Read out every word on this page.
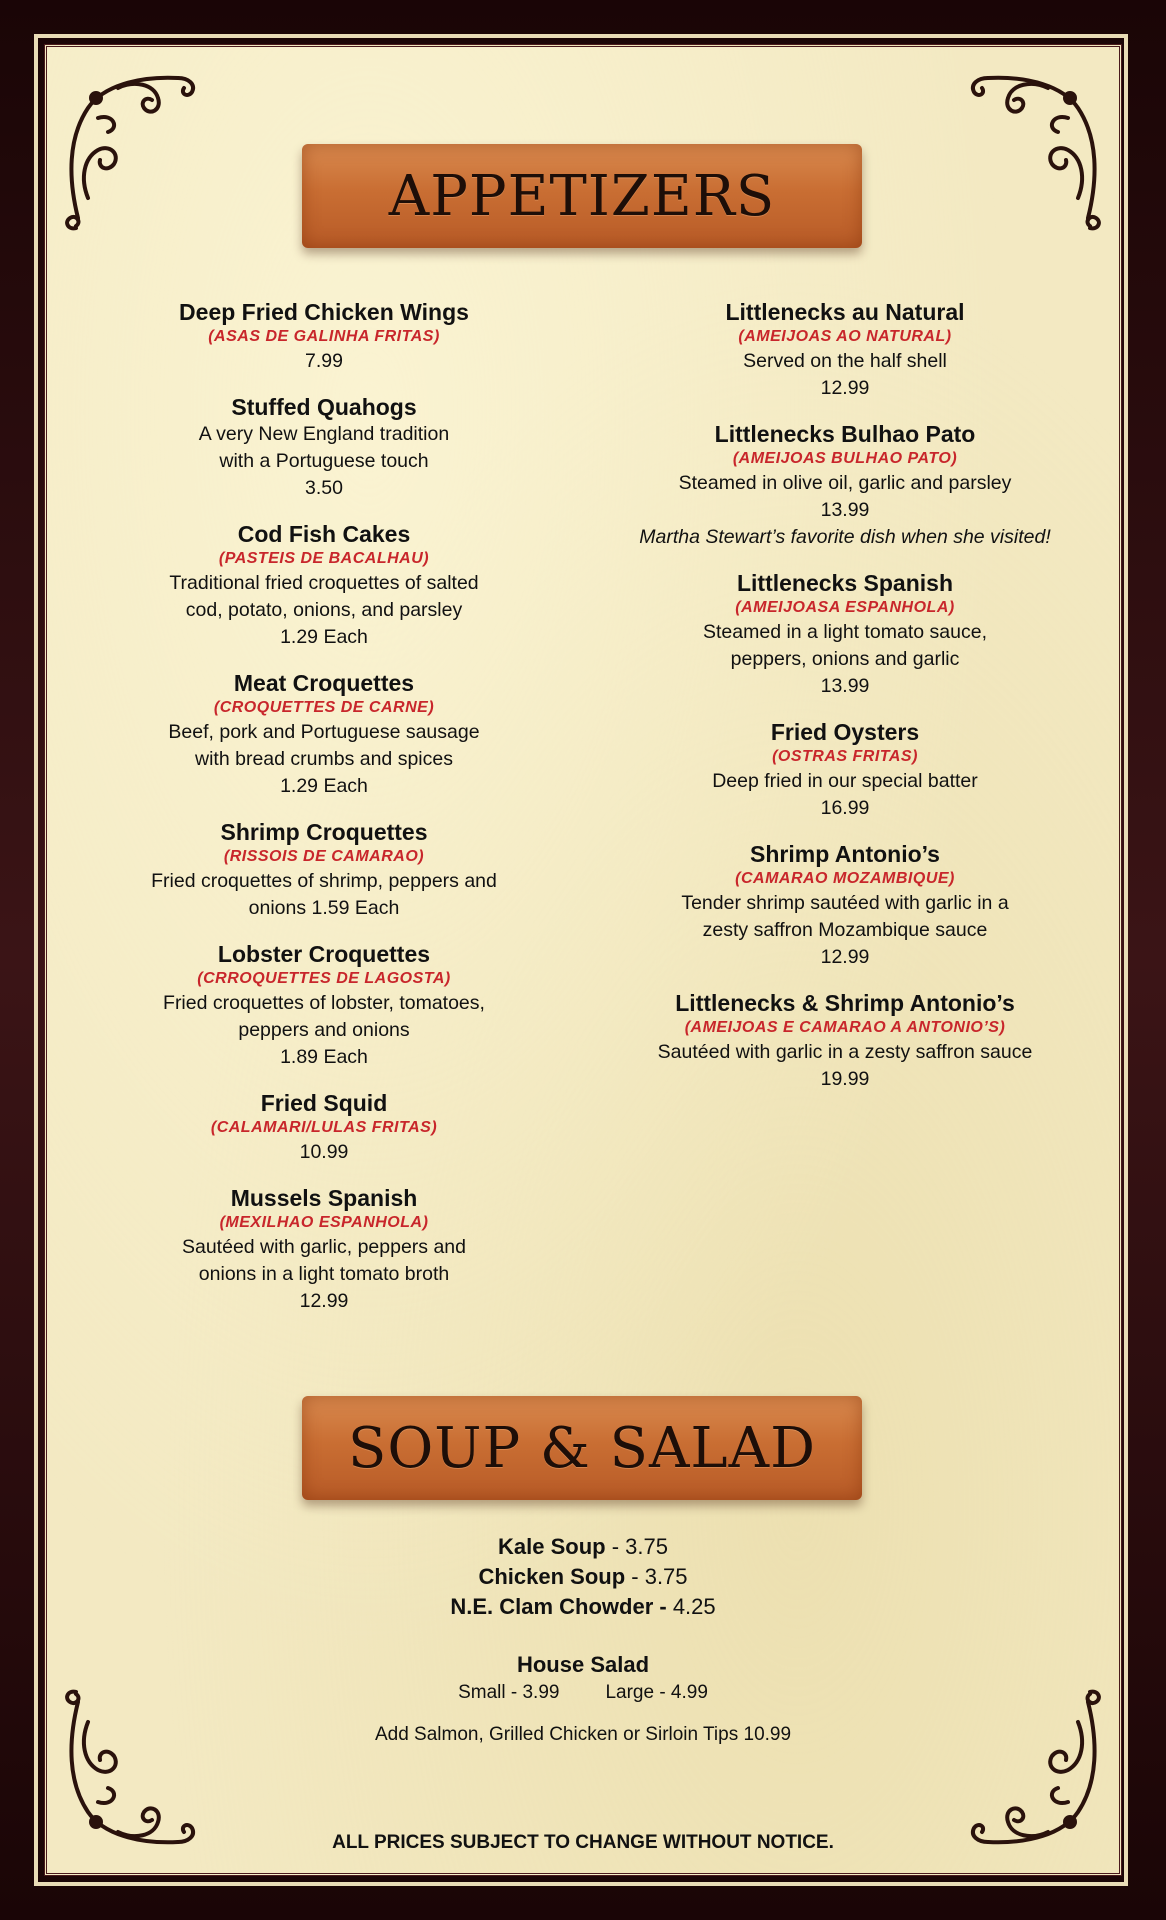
APPETIZERS
Deep Fried Chicken Wings
(ASAS DE GALINHA FRITAS)
7.99
Stuffed Quahogs
A very New England tradition
with a Portuguese touch
3.50
Cod Fish Cakes
(PASTEIS DE BACALHAU)
Traditional fried croquettes of salted
cod, potato, onions, and parsley
1.29 Each
Meat Croquettes
(CROQUETTES DE CARNE)
Beef, pork and Portuguese sausage
with bread crumbs and spices
1.29 Each
Shrimp Croquettes
(RISSOIS DE CAMARAO)
Fried croquettes of shrimp, peppers and
onions 1.59 Each
Lobster Croquettes
(CRROQUETTES DE LAGOSTA)
Fried croquettes of lobster, tomatoes,
peppers and onions
1.89 Each
Fried Squid
(CALAMARI/LULAS FRITAS)
10.99
Mussels Spanish
(MEXILHAO ESPANHOLA)
Sautéed with garlic, peppers and
onions in a light tomato broth
12.99
Littlenecks au Natural
(AMEIJOAS AO NATURAL)
Served on the half shell
12.99
Littlenecks Bulhao Pato
(AMEIJOAS BULHAO PATO)
Steamed in olive oil, garlic and parsley
13.99
Martha Stewart’s favorite dish when she visited!
Littlenecks Spanish
(AMEIJOASA ESPANHOLA)
Steamed in a light tomato sauce,
peppers, onions and garlic
13.99
Fried Oysters
(OSTRAS FRITAS)
Deep fried in our special batter
16.99
Shrimp Antonio’s
(CAMARAO MOZAMBIQUE)
Tender shrimp sautéed with garlic in a
zesty saffron Mozambique sauce
12.99
Littlenecks & Shrimp Antonio’s
(AMEIJOAS E CAMARAO A ANTONIO’S)
Sautéed with garlic in a zesty saffron sauce
19.99
SOUP & SALAD
Kale Soup - 3.75
Chicken Soup - 3.75
N.E. Clam Chowder - 4.25
House Salad
Small - 3.99 Large - 4.99
Add Salmon, Grilled Chicken or Sirloin Tips 10.99
ALL PRICES SUBJECT TO CHANGE WITHOUT NOTICE.
